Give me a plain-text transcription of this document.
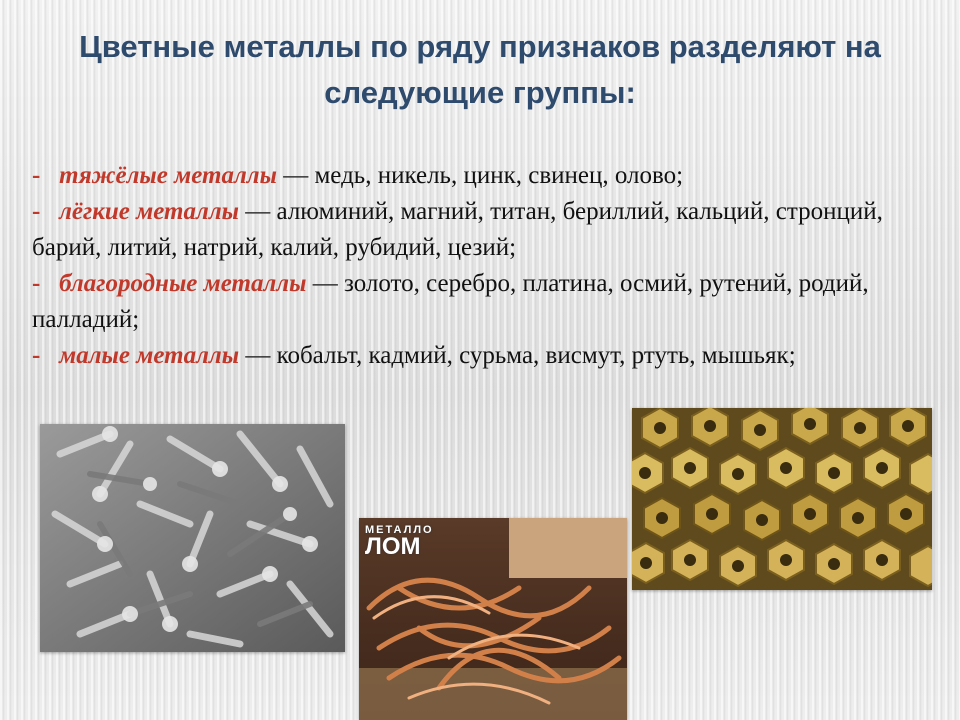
Цветные металлы по ряду признаков разделяют на следующие группы:
- тяжёлые металлы — медь, никель, цинк, свинец, олово;
- лёгкие металлы — алюминий, магний, титан, бериллий, кальций, стронций, барий, литий, натрий, калий, рубидий, цезий;
- благородные металлы — золото, серебро, платина, осмий, рутений, родий, палладий;
- малые металлы — кобальт, кадмий, сурьма, висмут, ртуть, мышьяк;
МЕТАЛЛО
ЛОМ
